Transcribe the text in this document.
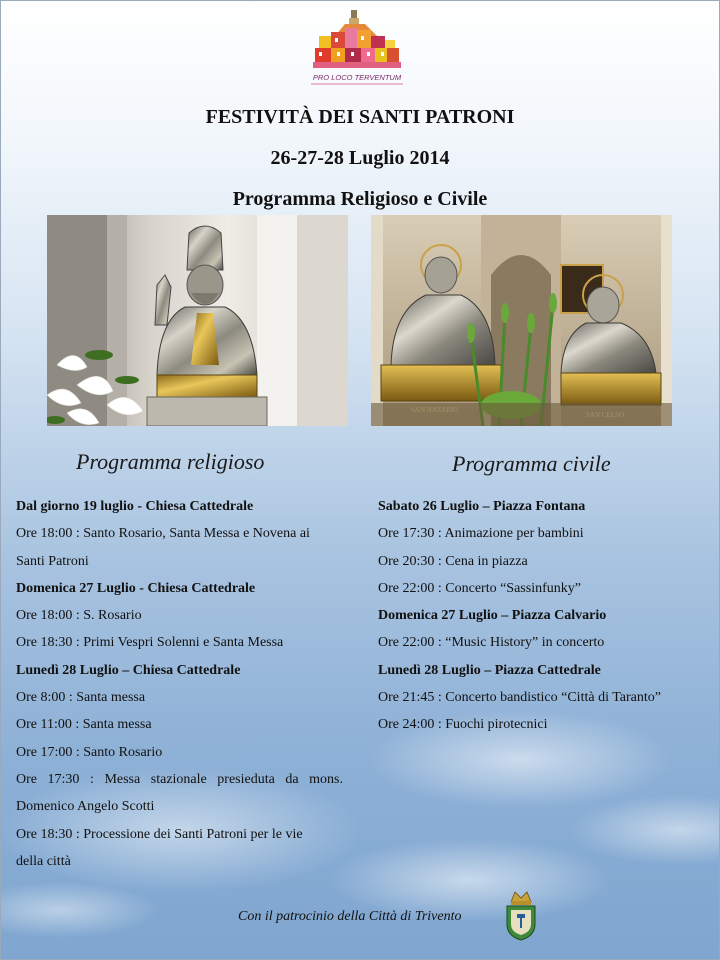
PRO LOCO TERVENTUM
FESTIVITÀ DEI SANTI PATRONI
26-27-28 Luglio 2014
Programma Religioso e Civile
Programma religioso	Programma civile
Dal giorno 19 luglio - Chiesa Cattedrale
Ore 18:00 : Santo Rosario, Santa Messa e Novena ai
Santi Patroni
Domenica 27 Luglio - Chiesa Cattedrale
Ore 18:00 : S. Rosario
Ore 18:30 : Primi Vespri Solenni e Santa Messa
Lunedì 28 Luglio – Chiesa Cattedrale
Ore 8:00 : Santa messa
Ore 11:00 : Santa messa
Ore 17:00 : Santo Rosario
Ore 17:30 : Messa stazionale presieduta da mons.
Domenico Angelo Scotti
Ore 18:30 : Processione dei Santi Patroni per le vie
della città
Sabato 26 Luglio – Piazza Fontana
Ore 17:30 : Animazione per bambini
Ore 20:30 : Cena in piazza
Ore 22:00 : Concerto “Sassinfunky”
Domenica 27 Luglio – Piazza Calvario
Ore 22:00 : “Music History” in concerto
Lunedì 28 Luglio – Piazza Cattedrale
Ore 21:45 : Concerto bandistico “Città di Taranto”
Ore 24:00 : Fuochi pirotecnici
Con il patrocinio della Città di Trivento
